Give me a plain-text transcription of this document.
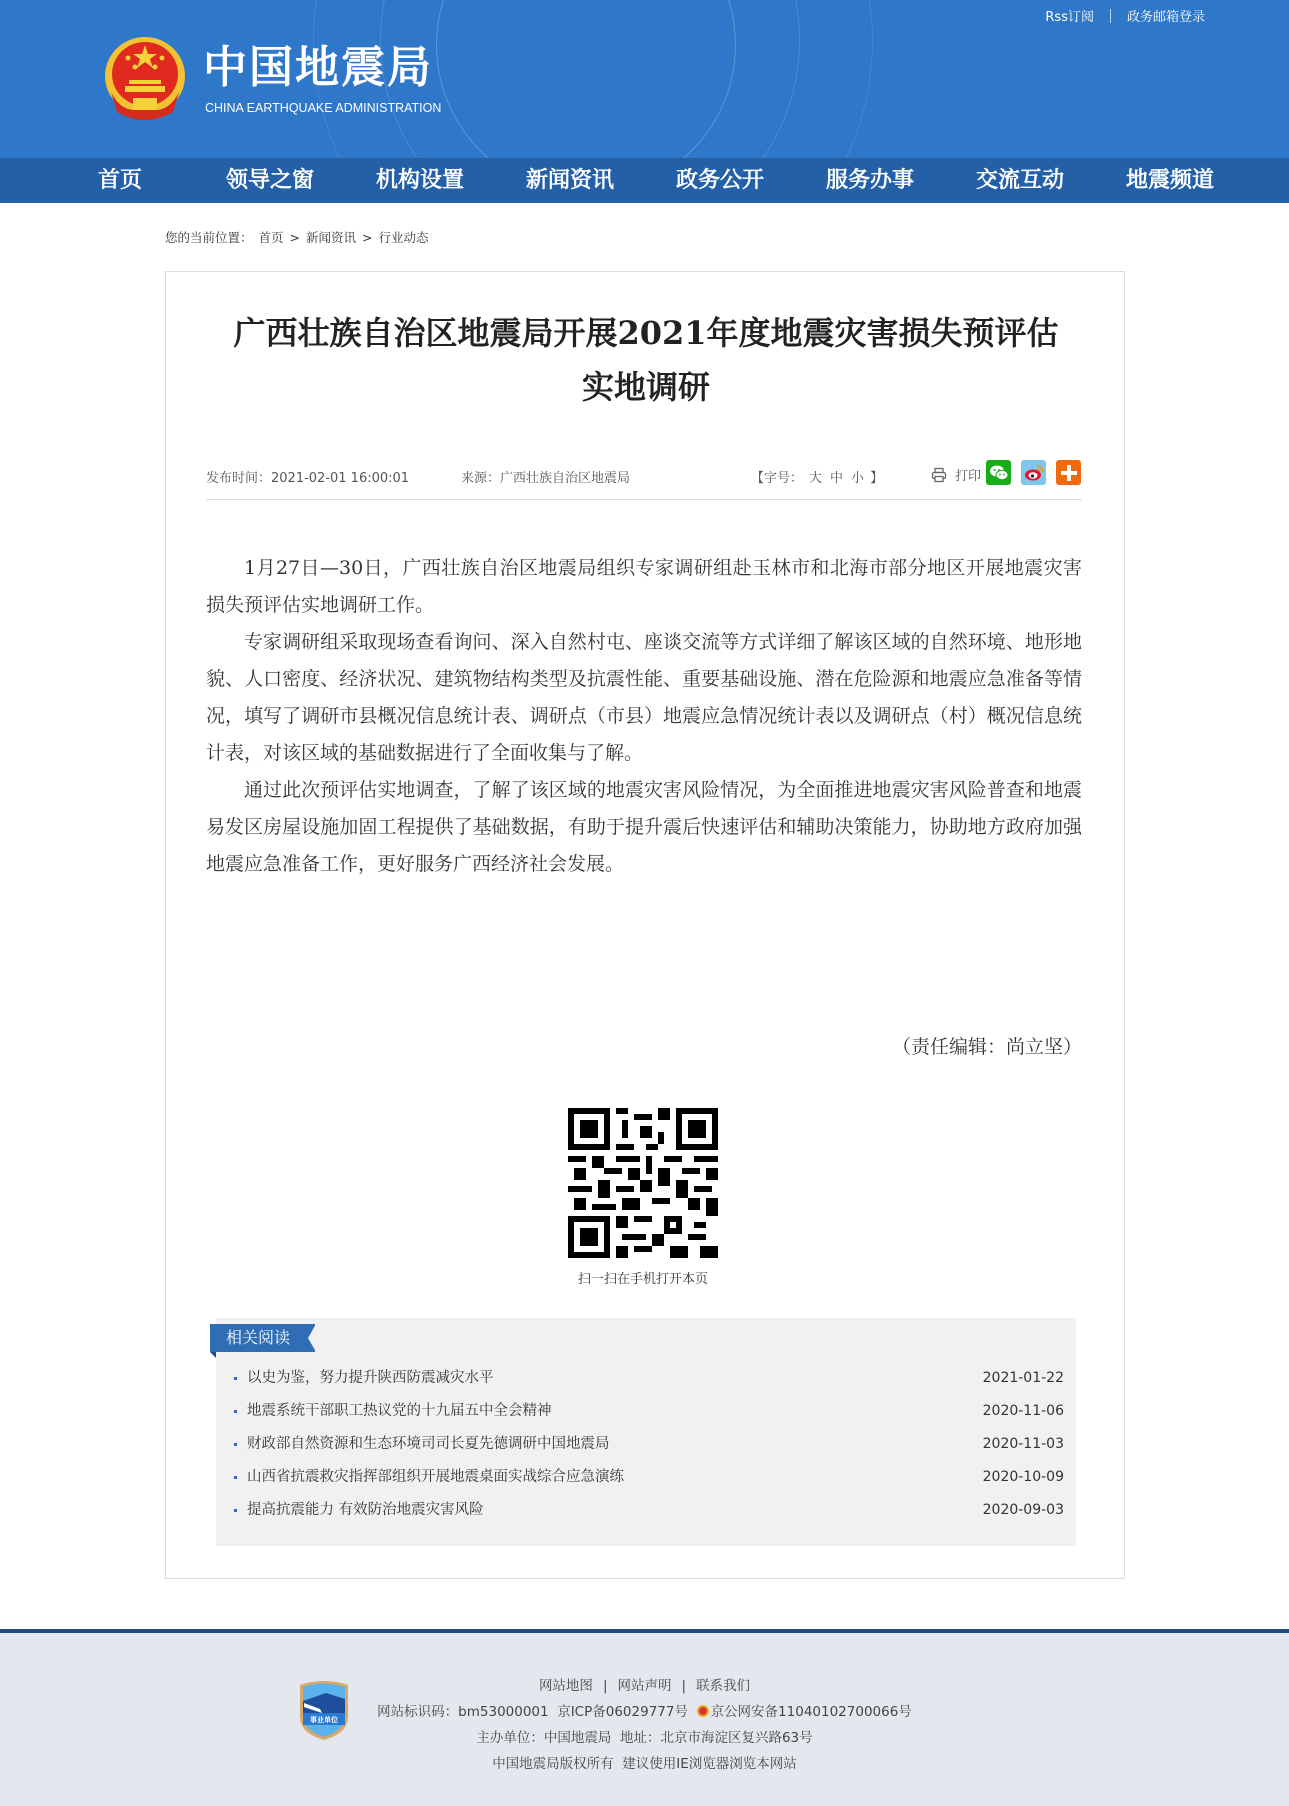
Rss订阅	政务邮箱登录
中国地震局
CHINA EARTHQUAKE ADMINISTRATION
首页	领导之窗	机构设置	新闻资讯	政务公开	服务办事	交流互动	地震频道
您的当前位置： 首页 > 新闻资讯 > 行业动态
广西壮族自治区地震局开展2021年度地震灾害损失预评估
实地调研
发布时间：2021-02-01 16:00:01	来源：广西壮族自治区地震局	【字号： 大 中 小 】	打印

1月27日—30日，广西壮族自治区地震局组织专家调研组赴玉林市和北海市部分地区开展地震灾害损失预评估实地调研工作。

专家调研组采取现场查看询问、深入自然村屯、座谈交流等方式详细了解该区域的自然环境、地形地貌、人口密度、经济状况、建筑物结构类型及抗震性能、重要基础设施、潜在危险源和地震应急准备等情况，填写了调研市县概况信息统计表、调研点（市县）地震应急情况统计表以及调研点（村）概况信息统计表，对该区域的基础数据进行了全面收集与了解。

通过此次预评估实地调查，了解了该区域的地震灾害风险情况，为全面推进地震灾害风险普查和地震易发区房屋设施加固工程提供了基础数据，有助于提升震后快速评估和辅助决策能力，协助地方政府加强地震应急准备工作，更好服务广西经济社会发展。

（责任编辑：尚立坚）
扫一扫在手机打开本页
相关阅读
以史为鉴，努力提升陕西防震减灾水平	2021-01-22
地震系统干部职工热议党的十九届五中全会精神	2020-11-06
财政部自然资源和生态环境司司长夏先德调研中国地震局	2020-11-03
山西省抗震救灾指挥部组织开展地震桌面实战综合应急演练	2020-10-09
提高抗震能力 有效防治地震灾害风险	2020-09-03
事业单位
网站地图 | 网站声明 | 联系我们
网站标识码：bm53000001 京ICP备06029777号 京公网安备11040102700066号
主办单位：中国地震局 地址：北京市海淀区复兴路63号
中国地震局版权所有 建议使用IE浏览器浏览本网站
